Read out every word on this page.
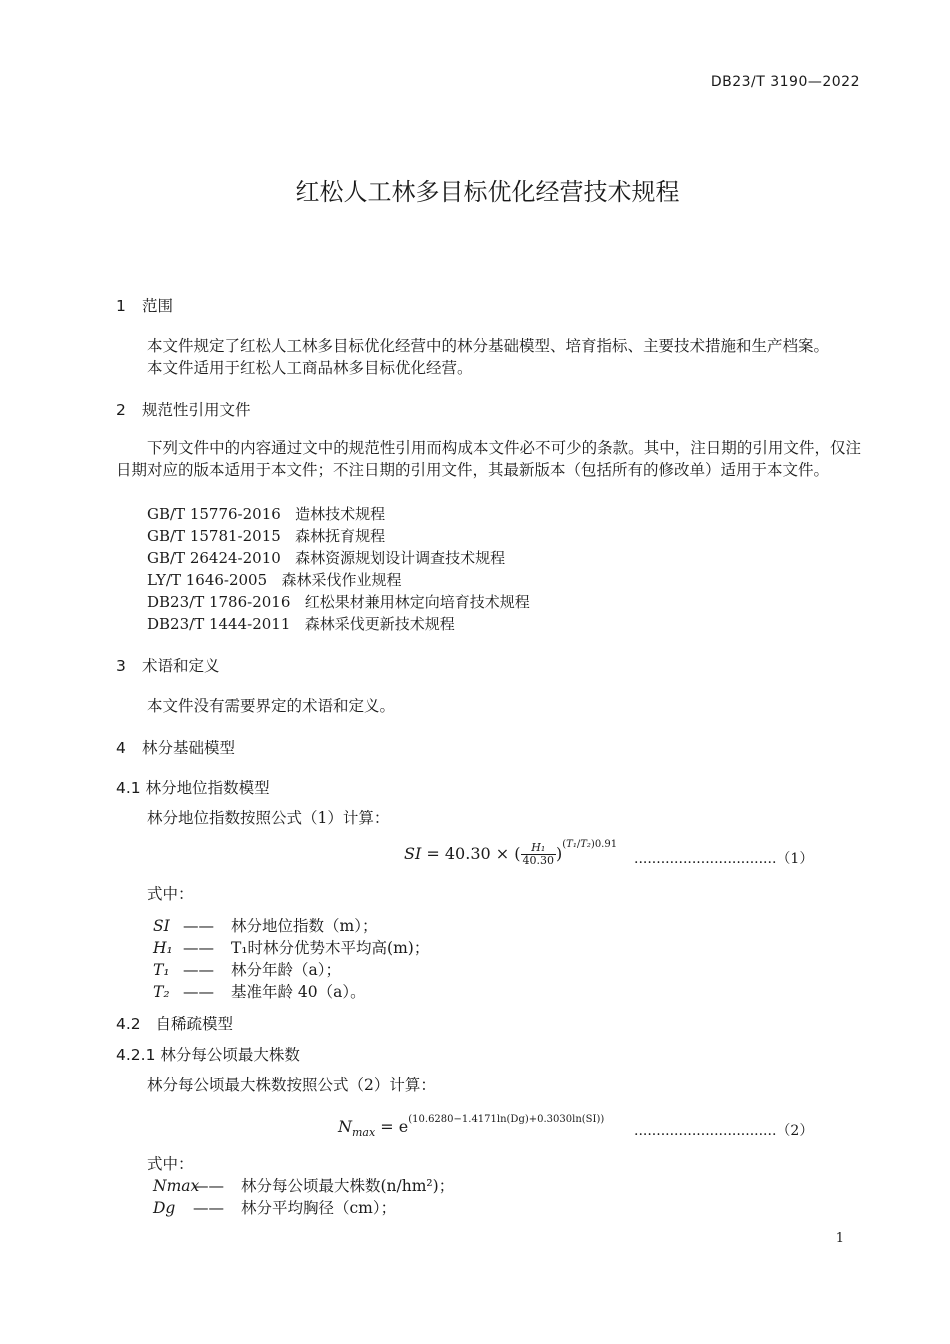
DB23/T 3190—2022
红松人工林多目标优化经营技术规程
1 范围
本文件规定了红松人工林多目标优化经营中的林分基础模型、培育指标、主要技术措施和生产档案。
本文件适用于红松人工商品林多目标优化经营。
2 规范性引用文件
下列文件中的内容通过文中的规范性引用而构成本文件必不可少的条款。其中，注日期的引用文件，仅注日期对应的版本适用于本文件；不注日期的引用文件，其最新版本（包括所有的修改单）适用于本文件。
GB/T 15776-2016 造林技术规程
GB/T 15781-2015 森林抚育规程
GB/T 26424-2010 森林资源规划设计调查技术规程
LY/T 1646-2005 森林采伐作业规程
DB23/T 1786-2016 红松果材兼用林定向培育技术规程
DB23/T 1444-2011 森林采伐更新技术规程
3 术语和定义
本文件没有需要界定的术语和定义。
4 林分基础模型
4.1 林分地位指数模型
林分地位指数按照公式（1）计算：
SI = 40.30 × ( $\frac{\text{H₁}}{40.30} )^{(T_1/T_2)0.91}$
................................（1）
式中：
SI —— 林分地位指数（m）；
H₁ —— T₁时林分优势木平均高(m)；
T₁ —— 林分年龄（a）；
T₂ —— 基准年龄 40（a）。
4.2 自稀疏模型
4.2.1 林分每公顷最大株数
林分每公顷最大株数按照公式（2）计算：
$N_{max} = e^{(10.6280-1.4171ln(Dg)+0.3030ln(SI))}$
................................（2）
式中：
Nmax—— 林分每公顷最大株数(n/hm²)；
Dg —— 林分平均胸径（cm）；
1
